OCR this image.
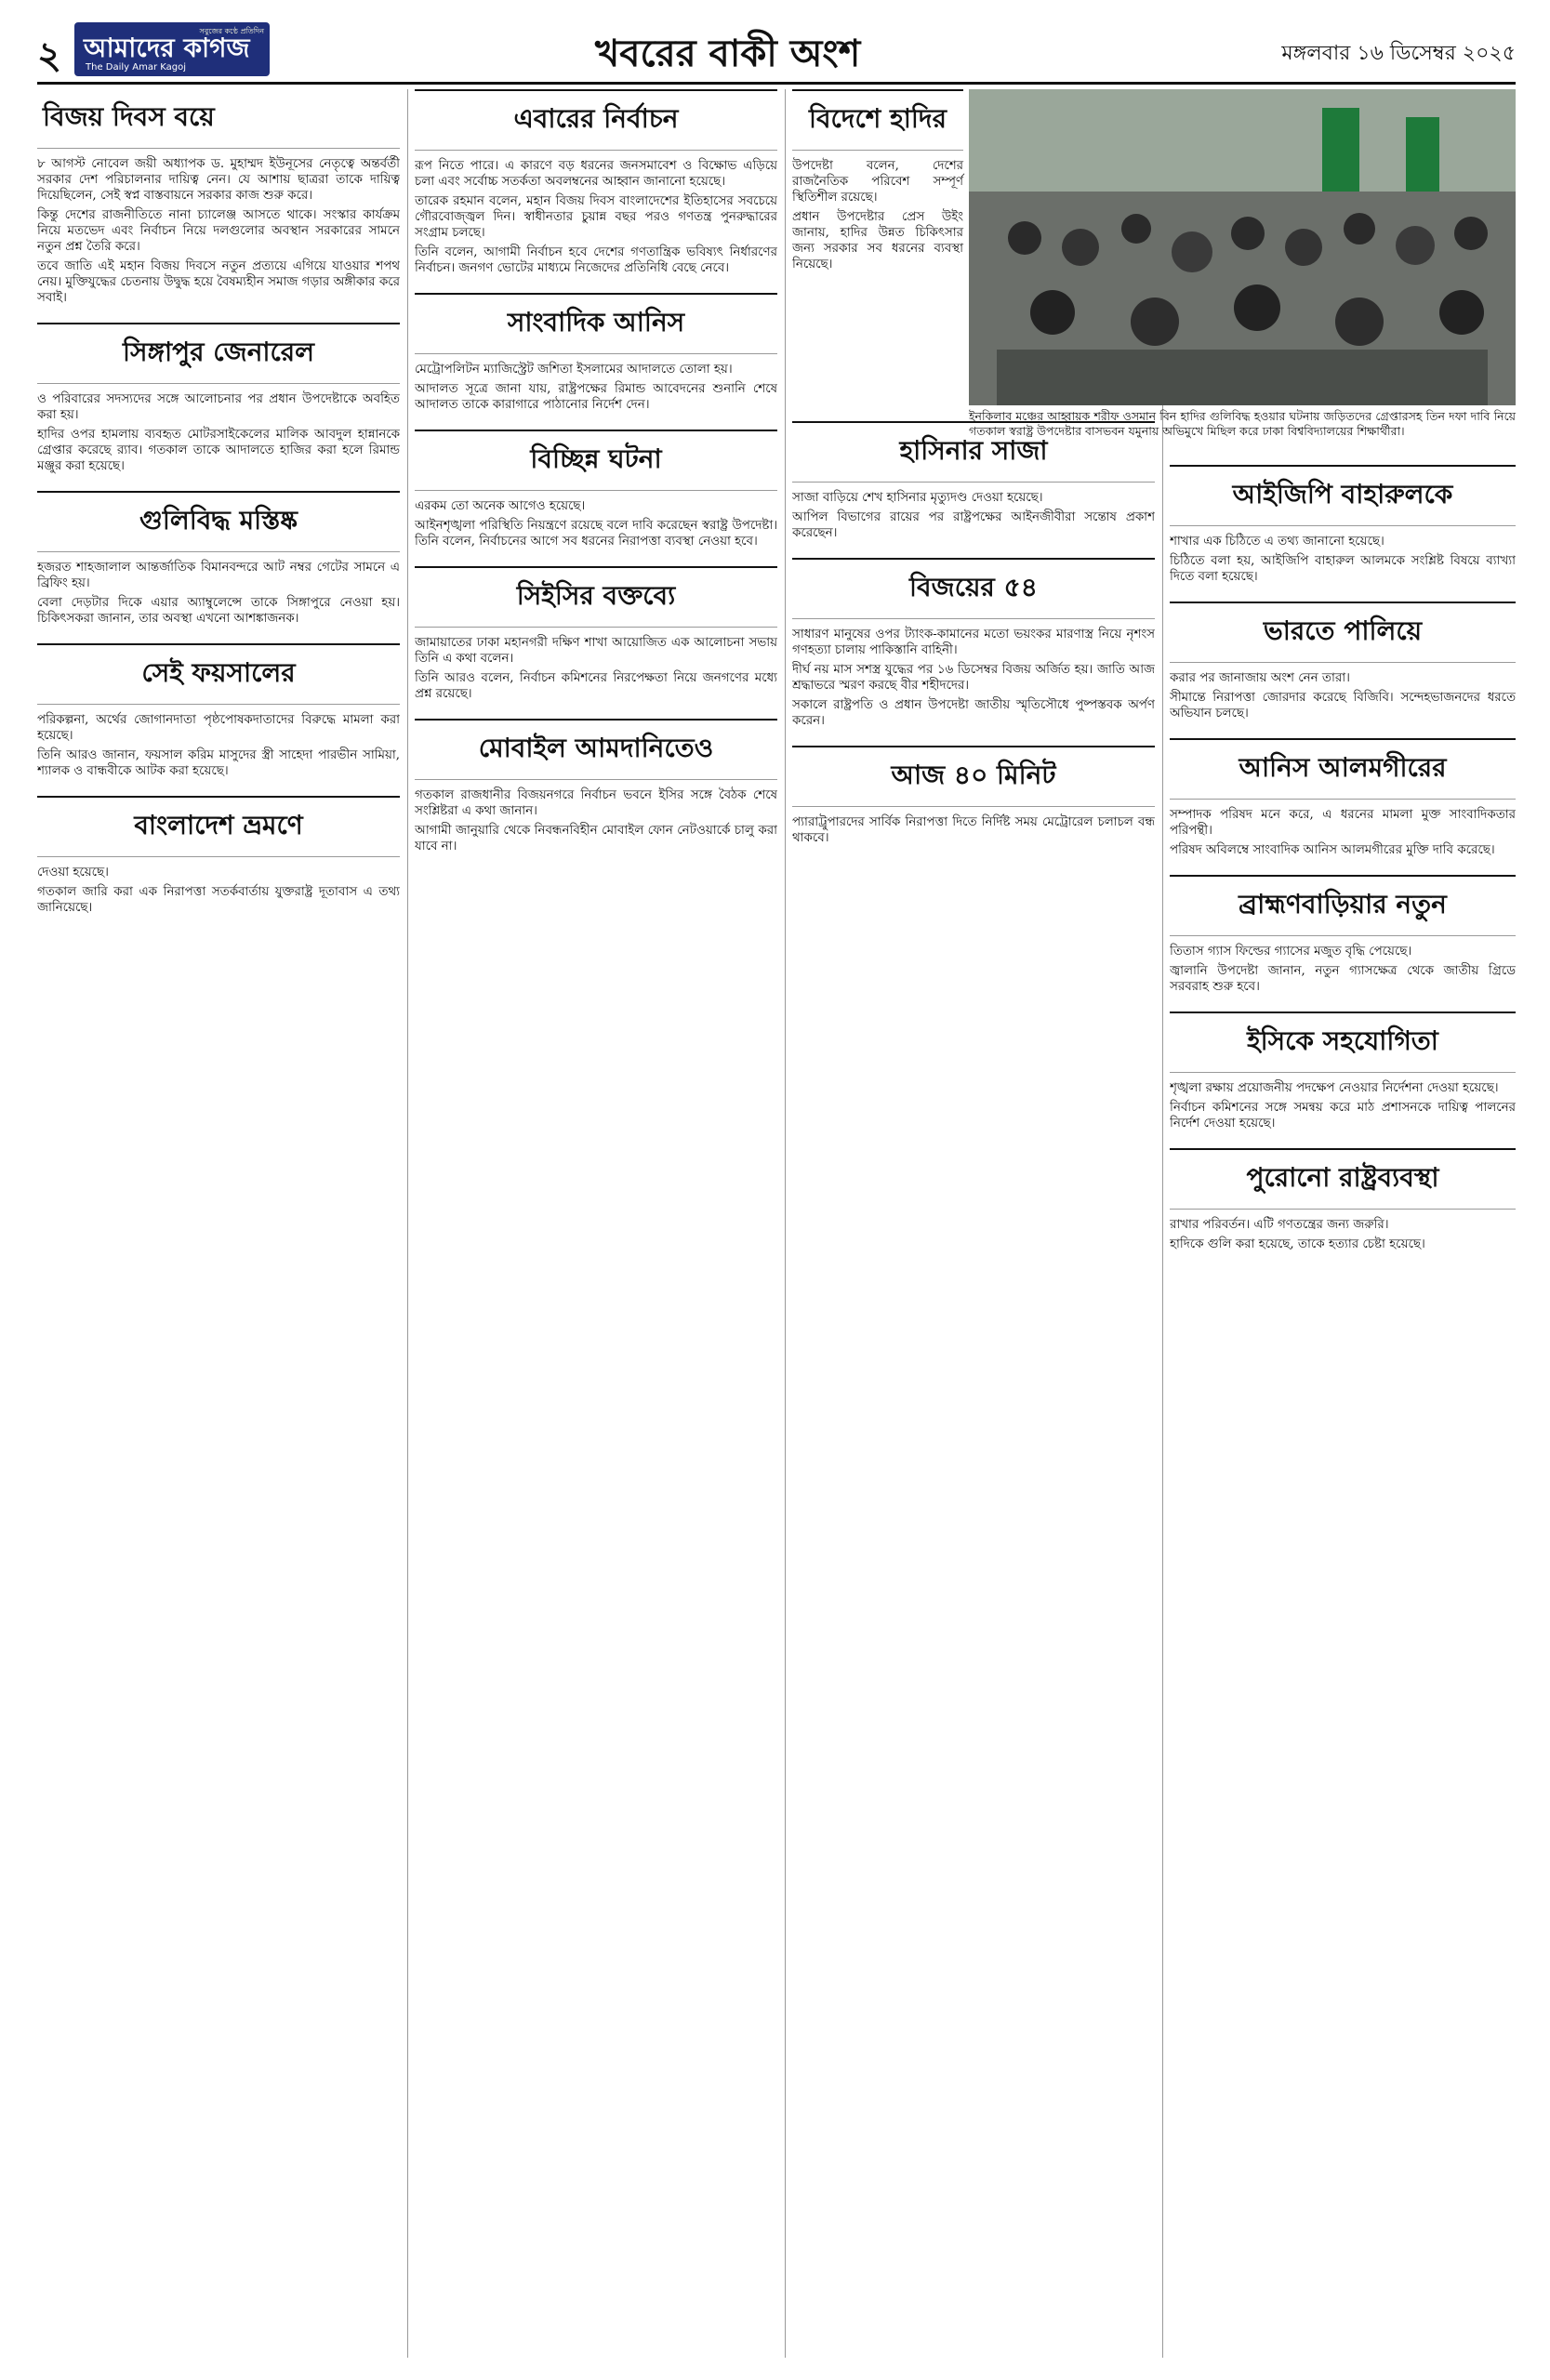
২
সবুজের কণ্ঠে প্রতিদিন
আমাদের কাগজ
The Daily Amar Kagoj	খবরের বাকী অংশ	মঙ্গলবার ১৬ ডিসেম্বর ২০২৫
বিজয় দিবস বয়ে

৮ আগস্ট নোবেল জয়ী অধ্যাপক ড. মুহাম্মদ ইউনূসের নেতৃত্বে অন্তর্বর্তী সরকার দেশ পরিচালনার দায়িত্ব নেন। যে আশায় ছাত্ররা তাকে দায়িত্ব দিয়েছিলেন, সেই স্বপ্ন বাস্তবায়নে সরকার কাজ শুরু করে।

কিন্তু দেশের রাজনীতিতে নানা চ্যালেঞ্জ আসতে থাকে। সংস্কার কার্যক্রম নিয়ে মতভেদ এবং নির্বাচন নিয়ে দলগুলোর অবস্থান সরকারের সামনে নতুন প্রশ্ন তৈরি করে।

তবে জাতি এই মহান বিজয় দিবসে নতুন প্রত্যয়ে এগিয়ে যাওয়ার শপথ নেয়। মুক্তিযুদ্ধের চেতনায় উদ্বুদ্ধ হয়ে বৈষম্যহীন সমাজ গড়ার অঙ্গীকার করে সবাই।

সিঙ্গাপুর জেনারেল

ও পরিবারের সদস্যদের সঙ্গে আলোচনার পর প্রধান উপদেষ্টাকে অবহিত করা হয়।

হাদির ওপর হামলায় ব্যবহৃত মোটরসাইকেলের মালিক আবদুল হান্নানকে গ্রেপ্তার করেছে র‍্যাব। গতকাল তাকে আদালতে হাজির করা হলে রিমান্ড মঞ্জুর করা হয়েছে।

গুলিবিদ্ধ মস্তিষ্ক

হজরত শাহজালাল আন্তর্জাতিক বিমানবন্দরে আট নম্বর গেটের সামনে এ ব্রিফিং হয়।

বেলা দেড়টার দিকে এয়ার অ্যাম্বুলেন্সে তাকে সিঙ্গাপুরে নেওয়া হয়। চিকিৎসকরা জানান, তার অবস্থা এখনো আশঙ্কাজনক।

সেই ফয়সালের

পরিকল্পনা, অর্থের জোগানদাতা পৃষ্ঠপোষকদাতাদের বিরুদ্ধে মামলা করা হয়েছে।

তিনি আরও জানান, ফয়সাল করিম মাসুদের স্ত্রী সাহেদা পারভীন সামিয়া, শ্যালক ও বান্ধবীকে আটক করা হয়েছে।

বাংলাদেশ ভ্রমণে

দেওয়া হয়েছে।

গতকাল জারি করা এক নিরাপত্তা সতর্কবার্তায় যুক্তরাষ্ট্র দূতাবাস এ তথ্য জানিয়েছে।

এবারের নির্বাচন

রূপ নিতে পারে। এ কারণে বড় ধরনের জনসমাবেশ ও বিক্ষোভ এড়িয়ে চলা এবং সর্বোচ্চ সতর্কতা অবলম্বনের আহ্বান জানানো হয়েছে।

তারেক রহমান বলেন, মহান বিজয় দিবস বাংলাদেশের ইতিহাসের সবচেয়ে গৌরবোজ্জ্বল দিন। স্বাধীনতার চুয়ান্ন বছর পরও গণতন্ত্র পুনরুদ্ধারের সংগ্রাম চলছে।

তিনি বলেন, আগামী নির্বাচন হবে দেশের গণতান্ত্রিক ভবিষ্যৎ নির্ধারণের নির্বাচন। জনগণ ভোটের মাধ্যমে নিজেদের প্রতিনিধি বেছে নেবে।

সাংবাদিক আনিস

মেট্রোপলিটন ম্যাজিস্ট্রেট জশিতা ইসলামের আদালতে তোলা হয়।

আদালত সূত্রে জানা যায়, রাষ্ট্রপক্ষের রিমান্ড আবেদনের শুনানি শেষে আদালত তাকে কারাগারে পাঠানোর নির্দেশ দেন।

বিচ্ছিন্ন ঘটনা

এরকম তো অনেক আগেও হয়েছে।

আইনশৃঙ্খলা পরিস্থিতি নিয়ন্ত্রণে রয়েছে বলে দাবি করেছেন স্বরাষ্ট্র উপদেষ্টা। তিনি বলেন, নির্বাচনের আগে সব ধরনের নিরাপত্তা ব্যবস্থা নেওয়া হবে।

সিইসির বক্তব্যে

জামায়াতের ঢাকা মহানগরী দক্ষিণ শাখা আয়োজিত এক আলোচনা সভায় তিনি এ কথা বলেন।

তিনি আরও বলেন, নির্বাচন কমিশনের নিরপেক্ষতা নিয়ে জনগণের মধ্যে প্রশ্ন রয়েছে।

মোবাইল আমদানিতেও

গতকাল রাজধানীর বিজয়নগরে নির্বাচন ভবনে ইসির সঙ্গে বৈঠক শেষে সংশ্লিষ্টরা এ কথা জানান।

আগামী জানুয়ারি থেকে নিবন্ধনবিহীন মোবাইল ফোন নেটওয়ার্কে চালু করা যাবে না।

বিদেশে হাদির

উপদেষ্টা বলেন, দেশের রাজনৈতিক পরিবেশ সম্পূর্ণ স্থিতিশীল রয়েছে।

প্রধান উপদেষ্টার প্রেস উইং জানায়, হাদির উন্নত চিকিৎসার জন্য সরকার সব ধরনের ব্যবস্থা নিয়েছে।

হাসিনার সাজা

সাজা বাড়িয়ে শেখ হাসিনার মৃত্যুদণ্ড দেওয়া হয়েছে।

আপিল বিভাগের রায়ের পর রাষ্ট্রপক্ষের আইনজীবীরা সন্তোষ প্রকাশ করেছেন।

বিজয়ের ৫৪

সাধারণ মানুষের ওপর ট্যাংক-কামানের মতো ভয়ংকর মারণাস্ত্র নিয়ে নৃশংস গণহত্যা চালায় পাকিস্তানি বাহিনী।

দীর্ঘ নয় মাস সশস্ত্র যুদ্ধের পর ১৬ ডিসেম্বর বিজয় অর্জিত হয়। জাতি আজ শ্রদ্ধাভরে স্মরণ করছে বীর শহীদদের।

সকালে রাষ্ট্রপতি ও প্রধান উপদেষ্টা জাতীয় স্মৃতিসৌধে পুষ্পস্তবক অর্পণ করেন।

আজ ৪০ মিনিট

প্যারাট্রুপারদের সার্বিক নিরাপত্তা দিতে নির্দিষ্ট সময় মেট্রোরেল চলাচল বন্ধ থাকবে।

ইনকিলাব মঞ্চের আহ্বায়ক শরীফ ওসমান বিন হাদির গুলিবিদ্ধ হওয়ার ঘটনায় জড়িতদের গ্রেপ্তারসহ তিন দফা দাবি নিয়ে গতকাল স্বরাষ্ট্র উপদেষ্টার বাসভবন যমুনায় অভিমুখে মিছিল করে ঢাকা বিশ্ববিদ্যালয়ের শিক্ষার্থীরা।
আইজিপি বাহারুলকে

শাখার এক চিঠিতে এ তথ্য জানানো হয়েছে।

চিঠিতে বলা হয়, আইজিপি বাহারুল আলমকে সংশ্লিষ্ট বিষয়ে ব্যাখ্যা দিতে বলা হয়েছে।

ভারতে পালিয়ে

করার পর জানাজায় অংশ নেন তারা।

সীমান্তে নিরাপত্তা জোরদার করেছে বিজিবি। সন্দেহভাজনদের ধরতে অভিযান চলছে।

আনিস আলমগীরের

সম্পাদক পরিষদ মনে করে, এ ধরনের মামলা মুক্ত সাংবাদিকতার পরিপন্থী।

পরিষদ অবিলম্বে সাংবাদিক আনিস আলমগীরের মুক্তি দাবি করেছে।

ব্রাহ্মণবাড়িয়ার নতুন

তিতাস গ্যাস ফিল্ডের গ্যাসের মজুত বৃদ্ধি পেয়েছে।

জ্বালানি উপদেষ্টা জানান, নতুন গ্যাসক্ষেত্র থেকে জাতীয় গ্রিডে সরবরাহ শুরু হবে।

ইসিকে সহযোগিতা

শৃঙ্খলা রক্ষায় প্রয়োজনীয় পদক্ষেপ নেওয়ার নির্দেশনা দেওয়া হয়েছে।

নির্বাচন কমিশনের সঙ্গে সমন্বয় করে মাঠ প্রশাসনকে দায়িত্ব পালনের নির্দেশ দেওয়া হয়েছে।

পুরোনো রাষ্ট্রব্যবস্থা

রাখার পরিবর্তন। এটি গণতন্ত্রের জন্য জরুরি।

হাদিকে গুলি করা হয়েছে, তাকে হত্যার চেষ্টা হয়েছে।
